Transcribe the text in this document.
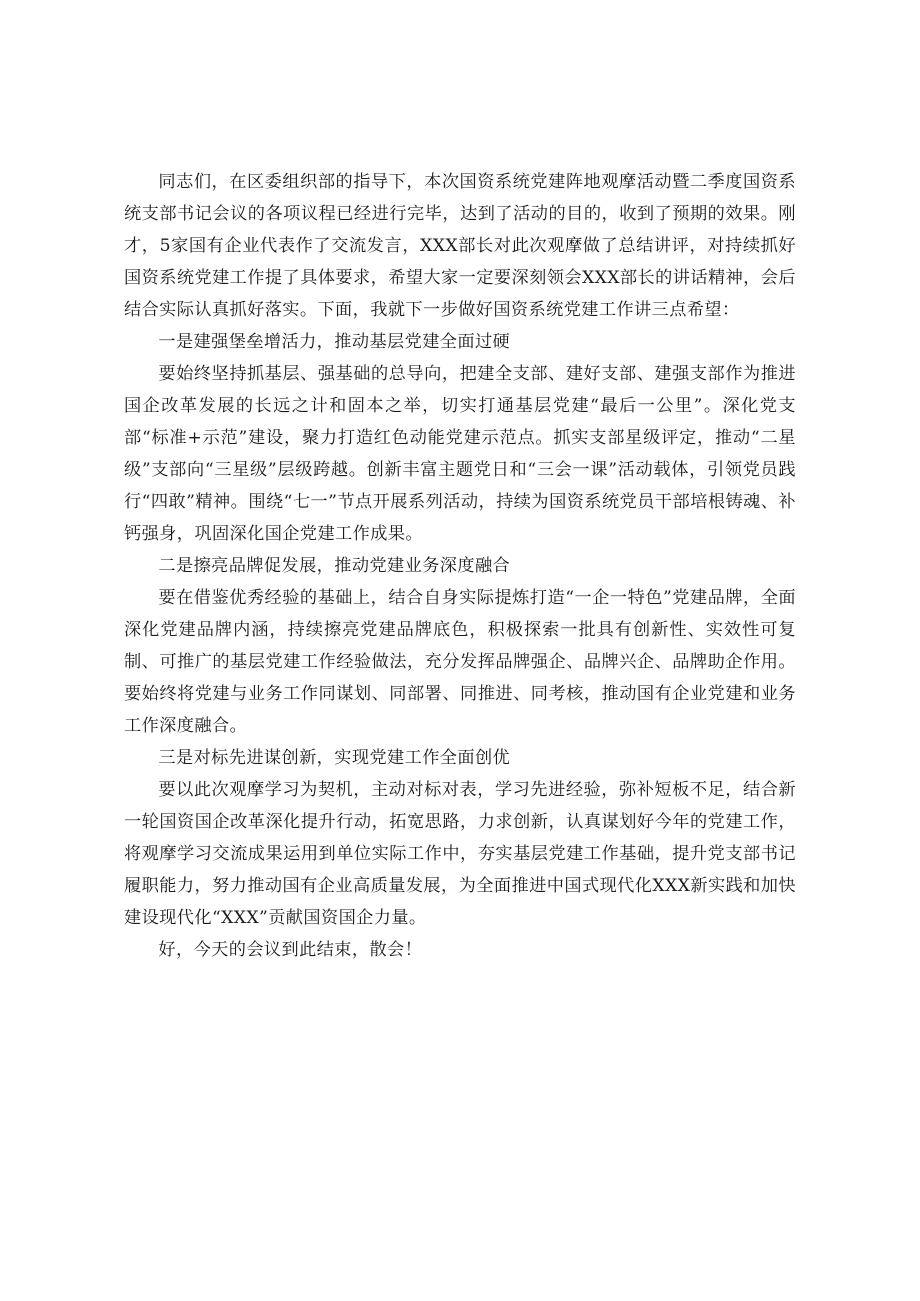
同志们，在区委组织部的指导下，本次国资系统党建阵地观摩活动暨二季度国资系统支部书记会议的各项议程已经进行完毕，达到了活动的目的，收到了预期的效果。刚才，5家国有企业代表作了交流发言，XXX部长对此次观摩做了总结讲评，对持续抓好国资系统党建工作提了具体要求，希望大家一定要深刻领会XXX部长的讲话精神，会后结合实际认真抓好落实。下面，我就下一步做好国资系统党建工作讲三点希望：

一是建强堡垒增活力，推动基层党建全面过硬

要始终坚持抓基层、强基础的总导向，把建全支部、建好支部、建强支部作为推进国企改革发展的长远之计和固本之举，切实打通基层党建“最后一公里”。深化党支部“标准+示范”建设，聚力打造红色动能党建示范点。抓实支部星级评定，推动“二星级”支部向“三星级”层级跨越。创新丰富主题党日和“三会一课”活动载体，引领党员践行“四敢”精神。围绕“七一”节点开展系列活动，持续为国资系统党员干部培根铸魂、补钙强身，巩固深化国企党建工作成果。

二是擦亮品牌促发展，推动党建业务深度融合

要在借鉴优秀经验的基础上，结合自身实际提炼打造“一企一特色”党建品牌，全面深化党建品牌内涵，持续擦亮党建品牌底色，积极探索一批具有创新性、实效性可复制、可推广的基层党建工作经验做法，充分发挥品牌强企、品牌兴企、品牌助企作用。要始终将党建与业务工作同谋划、同部署、同推进、同考核，推动国有企业党建和业务工作深度融合。

三是对标先进谋创新，实现党建工作全面创优

要以此次观摩学习为契机，主动对标对表，学习先进经验，弥补短板不足，结合新一轮国资国企改革深化提升行动，拓宽思路，力求创新，认真谋划好今年的党建工作，将观摩学习交流成果运用到单位实际工作中，夯实基层党建工作基础，提升党支部书记履职能力，努力推动国有企业高质量发展，为全面推进中国式现代化XXX新实践和加快建设现代化“XXX”贡献国资国企力量。

好，今天的会议到此结束，散会！
